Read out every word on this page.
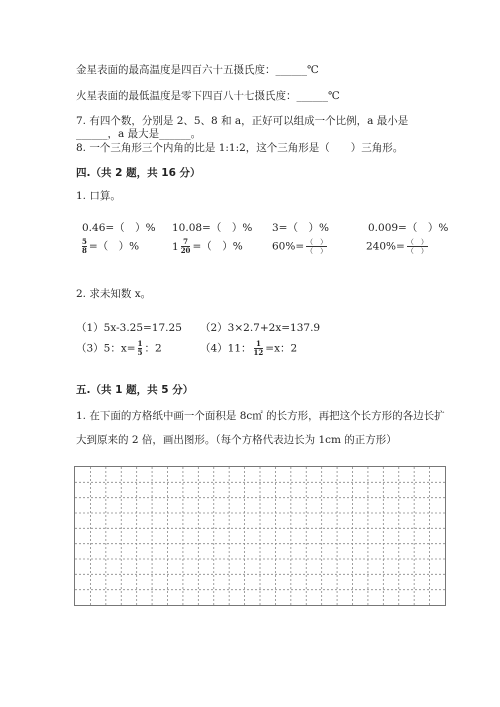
金星表面的最高温度是四百六十五摄氏度：______℃
火星表面的最低温度是零下四百八十七摄氏度：______℃
7. 有四个数，分别是 2、5、8 和 a，正好可以组成一个比例，a 最小是
______，a 最大是______。
8. 一个三角形三个内角的比是 1:1:2，这个三角形是（　　）三角形。
四.（共 2 题，共 16 分）
1. 口算。
0.46=（　）% 10.08=（　）% 3=（　）%	0.009=（　）%
$\frac{5}{8}$ =（　）%	$1 \frac{7}{20}$ =（　）%	$60\%= \frac{( )}{( )}$	$240\%= \frac{( )}{( )}$
2. 求未知数 x。
（1）5x-3.25=17.25 （2）3×2.7+2x=137.9
（3）5：$x= \frac{1}{5}$ ：2	（4）11： $\frac{1}{12} =x$：2
五.（共 1 题，共 5 分）
1. 在下面的方格纸中画一个面积是 8c㎡ 的长方形，再把这个长方形的各边长扩
大到原来的 2 倍，画出图形。（每个方格代表边长为 1cm 的正方形）
